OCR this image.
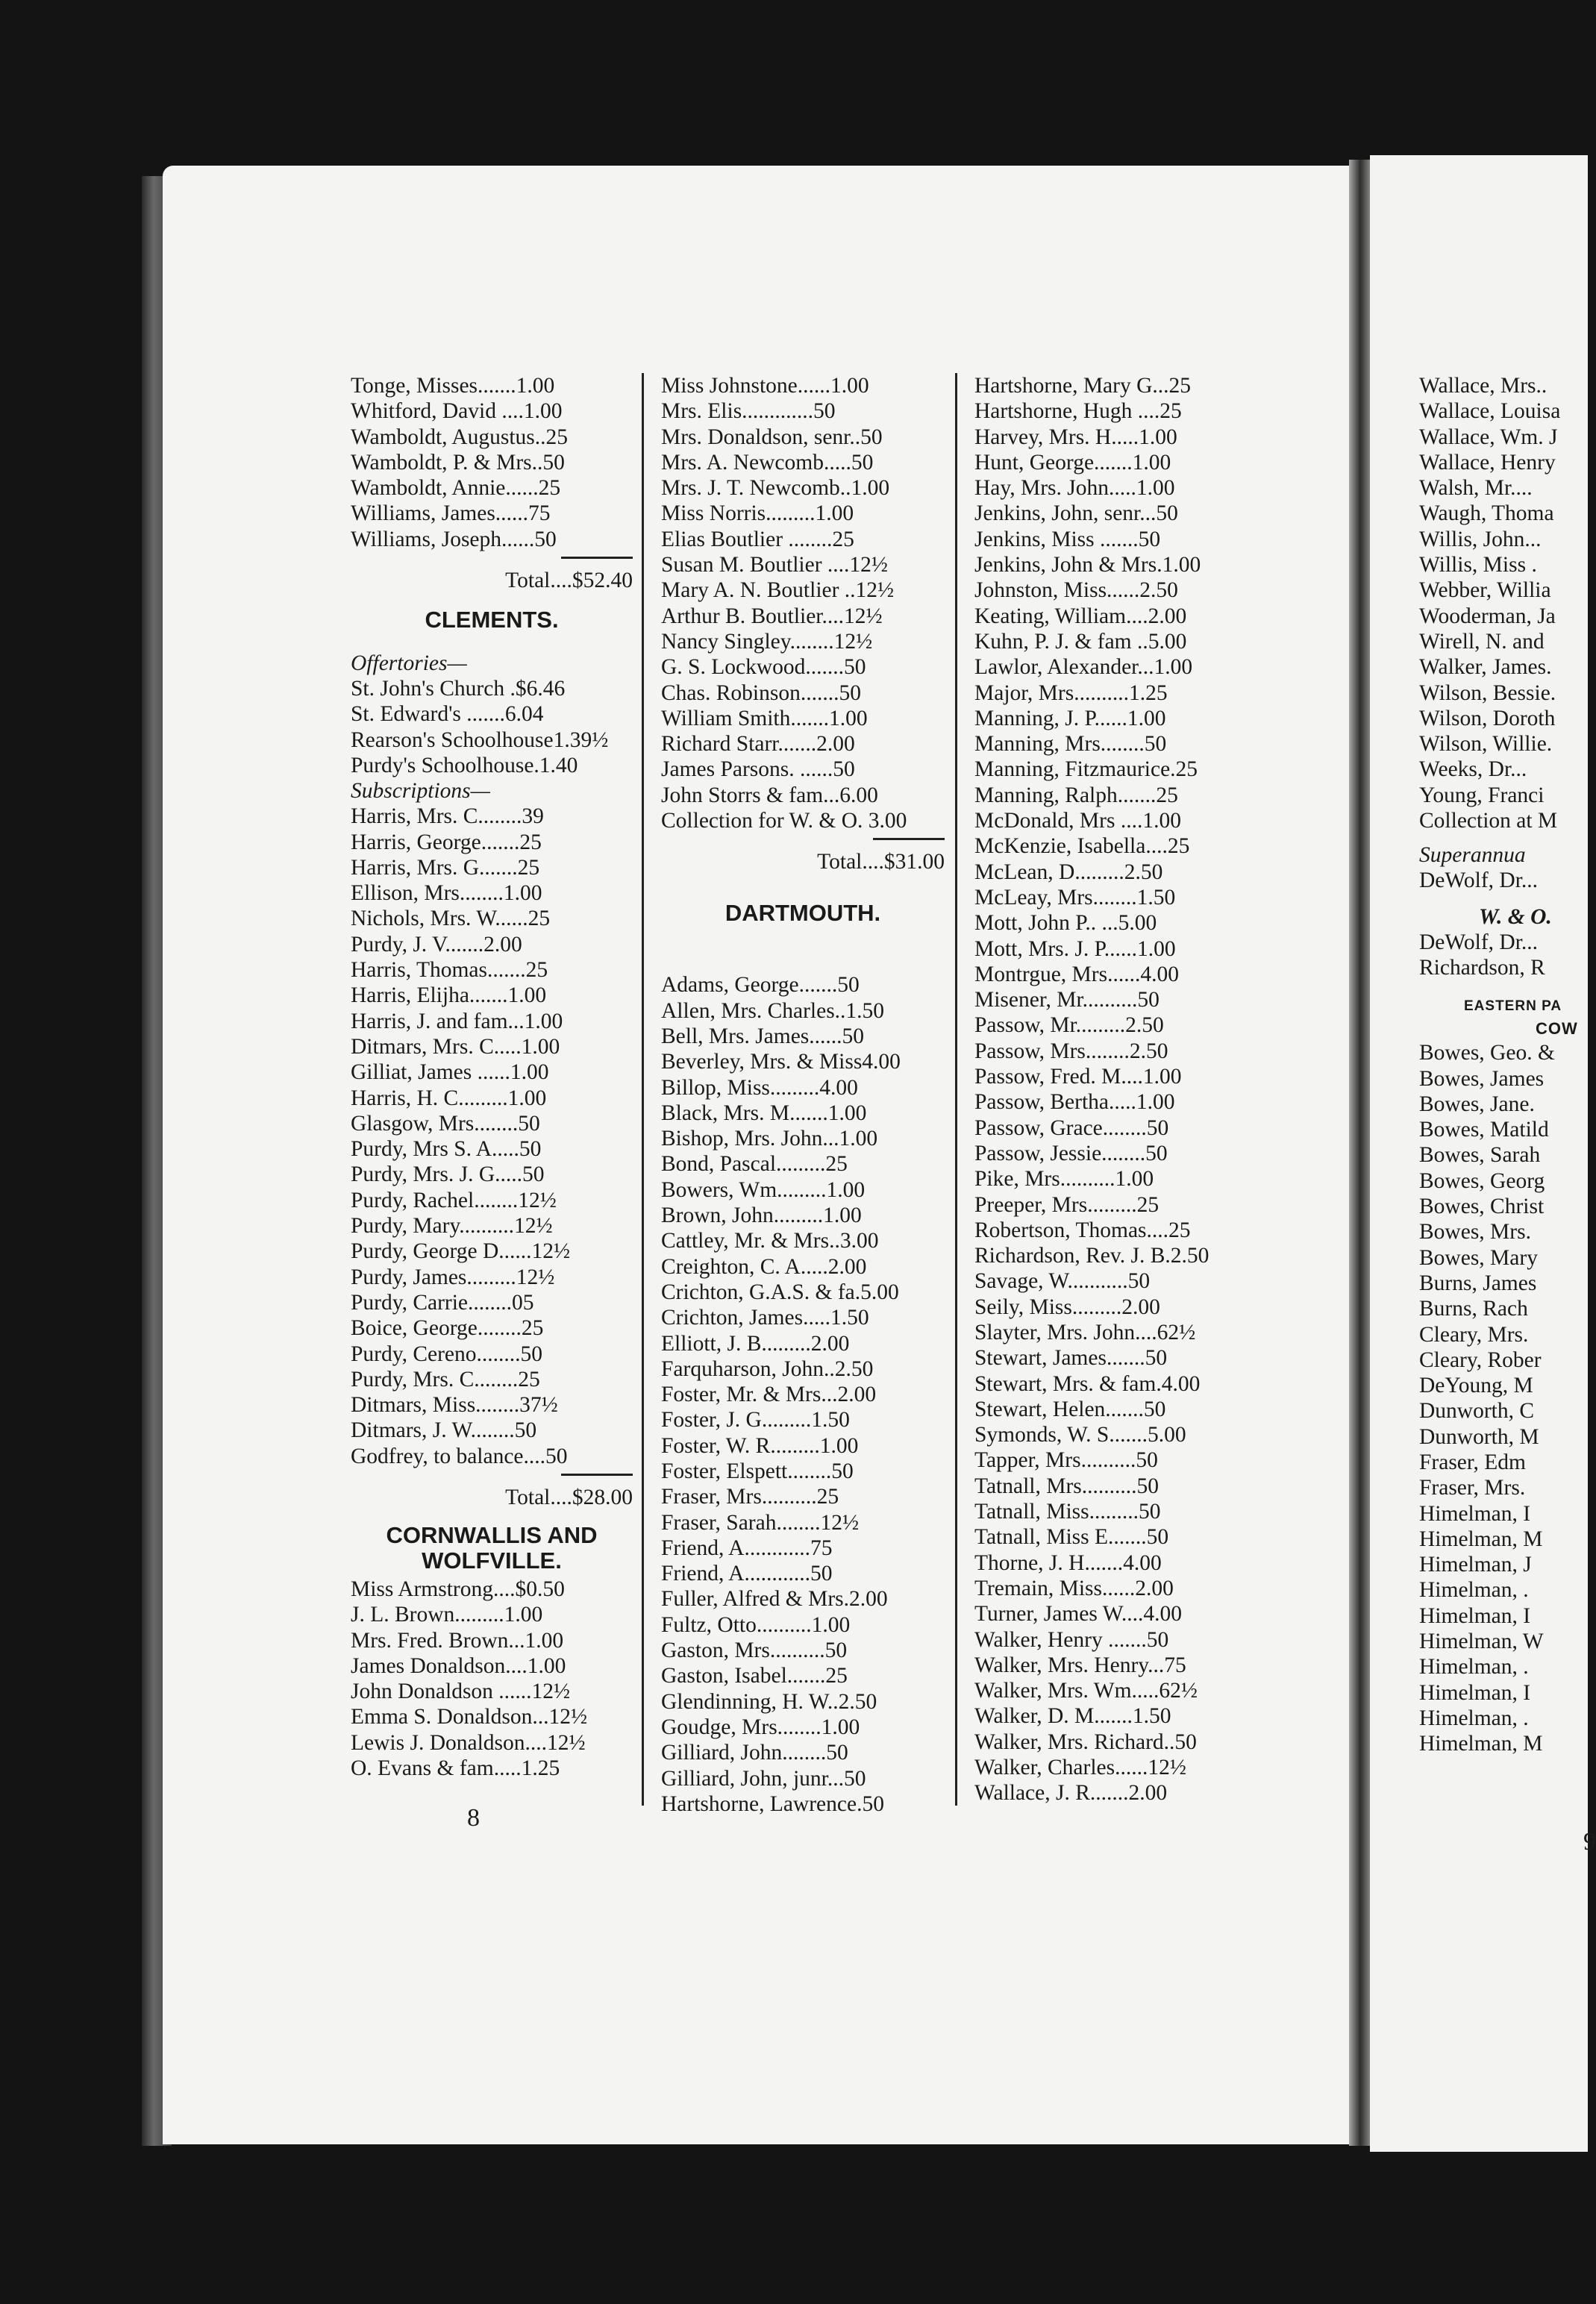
Tonge, Misses.......1.00
Whitford, David ....1.00
Wamboldt, Augustus..25
Wamboldt, P. & Mrs..50
Wamboldt, Annie......25
Williams, James......75
Williams, Joseph......50
Total....$52.40
CLEMENTS.
Offertories—
St. John's Church .$6.46
St. Edward's .......6.04
Rearson's Schoolhouse1.39½
Purdy's Schoolhouse.1.40
Subscriptions—
Harris, Mrs. C........39
Harris, George.......25
Harris, Mrs. G.......25
Ellison, Mrs........1.00
Nichols, Mrs. W......25
Purdy, J. V.......2.00
Harris, Thomas.......25
Harris, Elijha.......1.00
Harris, J. and fam...1.00
Ditmars, Mrs. C.....1.00
Gilliat, James ......1.00
Harris, H. C.........1.00
Glasgow, Mrs........50
Purdy, Mrs S. A.....50
Purdy, Mrs. J. G.....50
Purdy, Rachel........12½
Purdy, Mary..........12½
Purdy, George D......12½
Purdy, James.........12½
Purdy, Carrie........05
Boice, George........25
Purdy, Cereno........50
Purdy, Mrs. C........25
Ditmars, Miss........37½
Ditmars, J. W........50
Godfrey, to balance....50
Total....$28.00
CORNWALLIS AND WOLFVILLE.
Miss Armstrong....$0.50
J. L. Brown.........1.00
Mrs. Fred. Brown...1.00
James Donaldson....1.00
John Donaldson ......12½
Emma S. Donaldson...12½
Lewis J. Donaldson....12½
O. Evans & fam.....1.25
8
Miss Johnstone......1.00
Mrs. Elis.............50
Mrs. Donaldson, senr..50
Mrs. A. Newcomb.....50
Mrs. J. T. Newcomb..1.00
Miss Norris.........1.00
Elias Boutlier ........25
Susan M. Boutlier ....12½
Mary A. N. Boutlier ..12½
Arthur B. Boutlier....12½
Nancy Singley........12½
G. S. Lockwood.......50
Chas. Robinson.......50
William Smith.......1.00
Richard Starr.......2.00
James Parsons. ......50
John Storrs & fam...6.00
Collection for W. & O. 3.00
Total....$31.00
DARTMOUTH.
Adams, George.......50
Allen, Mrs. Charles..1.50
Bell, Mrs. James......50
Beverley, Mrs. & Miss4.00
Billop, Miss.........4.00
Black, Mrs. M.......1.00
Bishop, Mrs. John...1.00
Bond, Pascal.........25
Bowers, Wm.........1.00
Brown, John.........1.00
Cattley, Mr. & Mrs..3.00
Creighton, C. A.....2.00
Crichton, G.A.S. & fa.5.00
Crichton, James.....1.50
Elliott, J. B.........2.00
Farquharson, John..2.50
Foster, Mr. & Mrs...2.00
Foster, J. G.........1.50
Foster, W. R.........1.00
Foster, Elspett........50
Fraser, Mrs..........25
Fraser, Sarah........12½
Friend, A............75
Friend, A............50
Fuller, Alfred & Mrs.2.00
Fultz, Otto..........1.00
Gaston, Mrs..........50
Gaston, Isabel.......25
Glendinning, H. W..2.50
Goudge, Mrs........1.00
Gilliard, John........50
Gilliard, John, junr...50
Hartshorne, Lawrence.50
Hartshorne, Mary G...25
Hartshorne, Hugh ....25
Harvey, Mrs. H.....1.00
Hunt, George.......1.00
Hay, Mrs. John.....1.00
Jenkins, John, senr...50
Jenkins, Miss .......50
Jenkins, John & Mrs.1.00
Johnston, Miss......2.50
Keating, William....2.00
Kuhn, P. J. & fam ..5.00
Lawlor, Alexander...1.00
Major, Mrs..........1.25
Manning, J. P......1.00
Manning, Mrs........50
Manning, Fitzmaurice.25
Manning, Ralph.......25
McDonald, Mrs ....1.00
McKenzie, Isabella....25
McLean, D.........2.50
McLeay, Mrs........1.50
Mott, John P.. ...5.00
Mott, Mrs. J. P......1.00
Montrgue, Mrs......4.00
Misener, Mr..........50
Passow, Mr.........2.50
Passow, Mrs........2.50
Passow, Fred. M....1.00
Passow, Bertha.....1.00
Passow, Grace........50
Passow, Jessie........50
Pike, Mrs..........1.00
Preeper, Mrs.........25
Robertson, Thomas....25
Richardson, Rev. J. B.2.50
Savage, W...........50
Seily, Miss.........2.00
Slayter, Mrs. John....62½
Stewart, James.......50
Stewart, Mrs. & fam.4.00
Stewart, Helen.......50
Symonds, W. S.......5.00
Tapper, Mrs..........50
Tatnall, Mrs..........50
Tatnall, Miss.........50
Tatnall, Miss E.......50
Thorne, J. H.......4.00
Tremain, Miss......2.00
Turner, James W....4.00
Walker, Henry .......50
Walker, Mrs. Henry...75
Walker, Mrs. Wm.....62½
Walker, D. M.......1.50
Walker, Mrs. Richard..50
Walker, Charles......12½
Wallace, J. R.......2.00
Wallace, Mrs..
Wallace, Louisa
Wallace, Wm. J
Wallace, Henry
Walsh, Mr....
Waugh, Thoma
Willis, John...
Willis, Miss .
Webber, Willia
Wooderman, Ja
Wirell, N. and
Walker, James.
Wilson, Bessie.
Wilson, Doroth
Wilson, Willie.
Weeks, Dr...
Young, Franci
Collection at M
Superannua
DeWolf, Dr...
W. & O.
DeWolf, Dr...
Richardson, R
EASTERN PA
COW
Bowes, Geo. &
Bowes, James
Bowes, Jane.
Bowes, Matild
Bowes, Sarah
Bowes, Georg
Bowes, Christ
Bowes, Mrs.
Bowes, Mary
Burns, James
Burns, Rach
Cleary, Mrs.
Cleary, Rober
DeYoung, M
Dunworth, C
Dunworth, M
Fraser, Edm
Fraser, Mrs.
Himelman, I
Himelman, M
Himelman, J
Himelman, .
Himelman, I
Himelman, W
Himelman, .
Himelman, I
Himelman, .
Himelman, M
9
